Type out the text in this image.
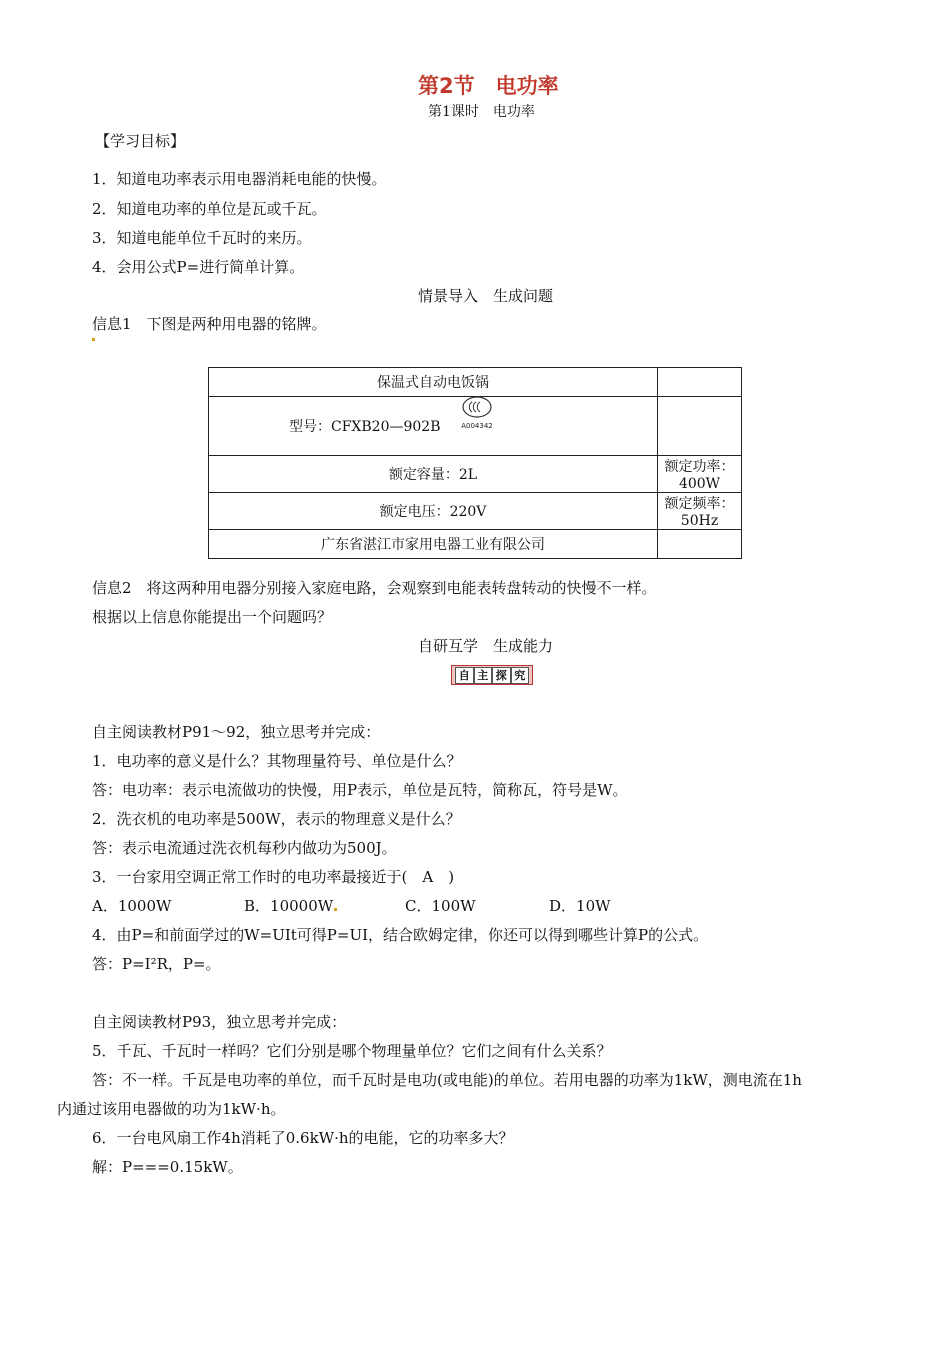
第2节　电功率
第1课时　电功率
【学习目标】
1．知道电功率表示用电器消耗电能的快慢。
2．知道电功率的单位是瓦或千瓦。
3．知道电能单位千瓦时的来历。
4．会用公式P=进行简单计算。
情景导入　生成问题
信息1　下图是两种用电器的铭牌。
保温式自动电饭锅	
型号：CFXB20—902B	
额定容量：2L	额定功率：400W
额定电压：220V	额定频率：50Hz
广东省湛江市家用电器工业有限公司	
A004342
信息2　将这两种用电器分别接入家庭电路，会观察到电能表转盘转动的快慢不一样。
根据以上信息你能提出一个问题吗？
自研互学　生成能力
自 主 探 究
自主阅读教材P91～92，独立思考并完成：
1．电功率的意义是什么？其物理量符号、单位是什么？
答：电功率：表示电流做功的快慢，用P表示，单位是瓦特，简称瓦，符号是W。
2．洗衣机的电功率是500W，表示的物理意义是什么？
答：表示电流通过洗衣机每秒内做功为500J。
3．一台家用空调正常工作时的电功率最接近于(　A　)
A．1000W	B．10000W	C．100W	D．10W
4．由P=和前面学过的W=UIt可得P=UI，结合欧姆定律，你还可以得到哪些计算P的公式。
答：P=I²R，P=。
自主阅读教材P93，独立思考并完成：
5．千瓦、千瓦时一样吗？它们分别是哪个物理量单位？它们之间有什么关系？
答：不一样。千瓦是电功率的单位，而千瓦时是电功(或电能)的单位。若用电器的功率为1kW，测电流在1h
内通过该用电器做的功为1kW·h。
6．一台电风扇工作4h消耗了0.6kW·h的电能，它的功率多大？
解：P===0.15kW。
